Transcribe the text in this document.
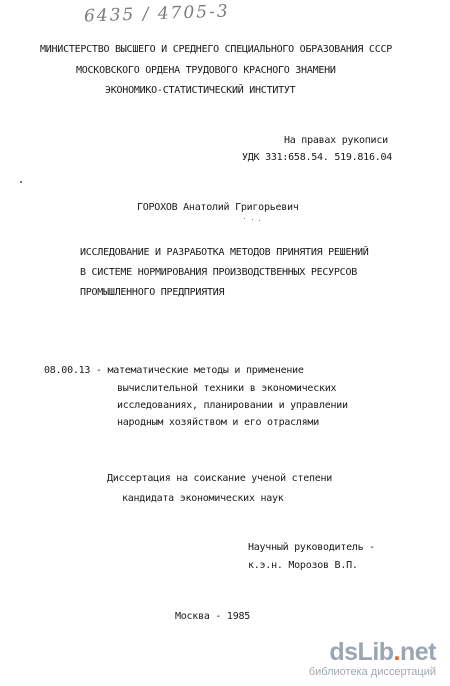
6435 / 4705-3
МИНИСТЕРСТВО ВЫСШЕГО И СРЕДНЕГО СПЕЦИАЛЬНОГО ОБРАЗОВАНИЯ СССР
МОСКОВСКОГО ОРДЕНА ТРУДОВОГО КРАСНОГО ЗНАМЕНИ
ЭКОНОМИКО-СТАТИСТИЧЕСКИЙ ИНСТИТУТ
На правах рукописи
УДК 331:658.54. 519.816.04
ГОРОХОВ Анатолий Григорьевич
ИССЛЕДОВАНИЕ И РАЗРАБОТКА МЕТОДОВ ПРИНЯТИЯ РЕШЕНИЙ
В СИСТЕМЕ НОРМИРОВАНИЯ ПРОИЗВОДСТВЕННЫХ РЕСУРСОВ
ПРОМЫШЛЕННОГО ПРЕДПРИЯТИЯ
08.00.13 - математические методы и применение
вычислительной техники в экономических
исследованиях, планировании и управлении
народным хозяйством и его отраслями
Диссертация на соискание ученой степени
кандидата экономических наук
Научный руководитель -
к.э.н. Морозов В.П.
Москва - 1985
dsLib.net
библиотека диссертаций
